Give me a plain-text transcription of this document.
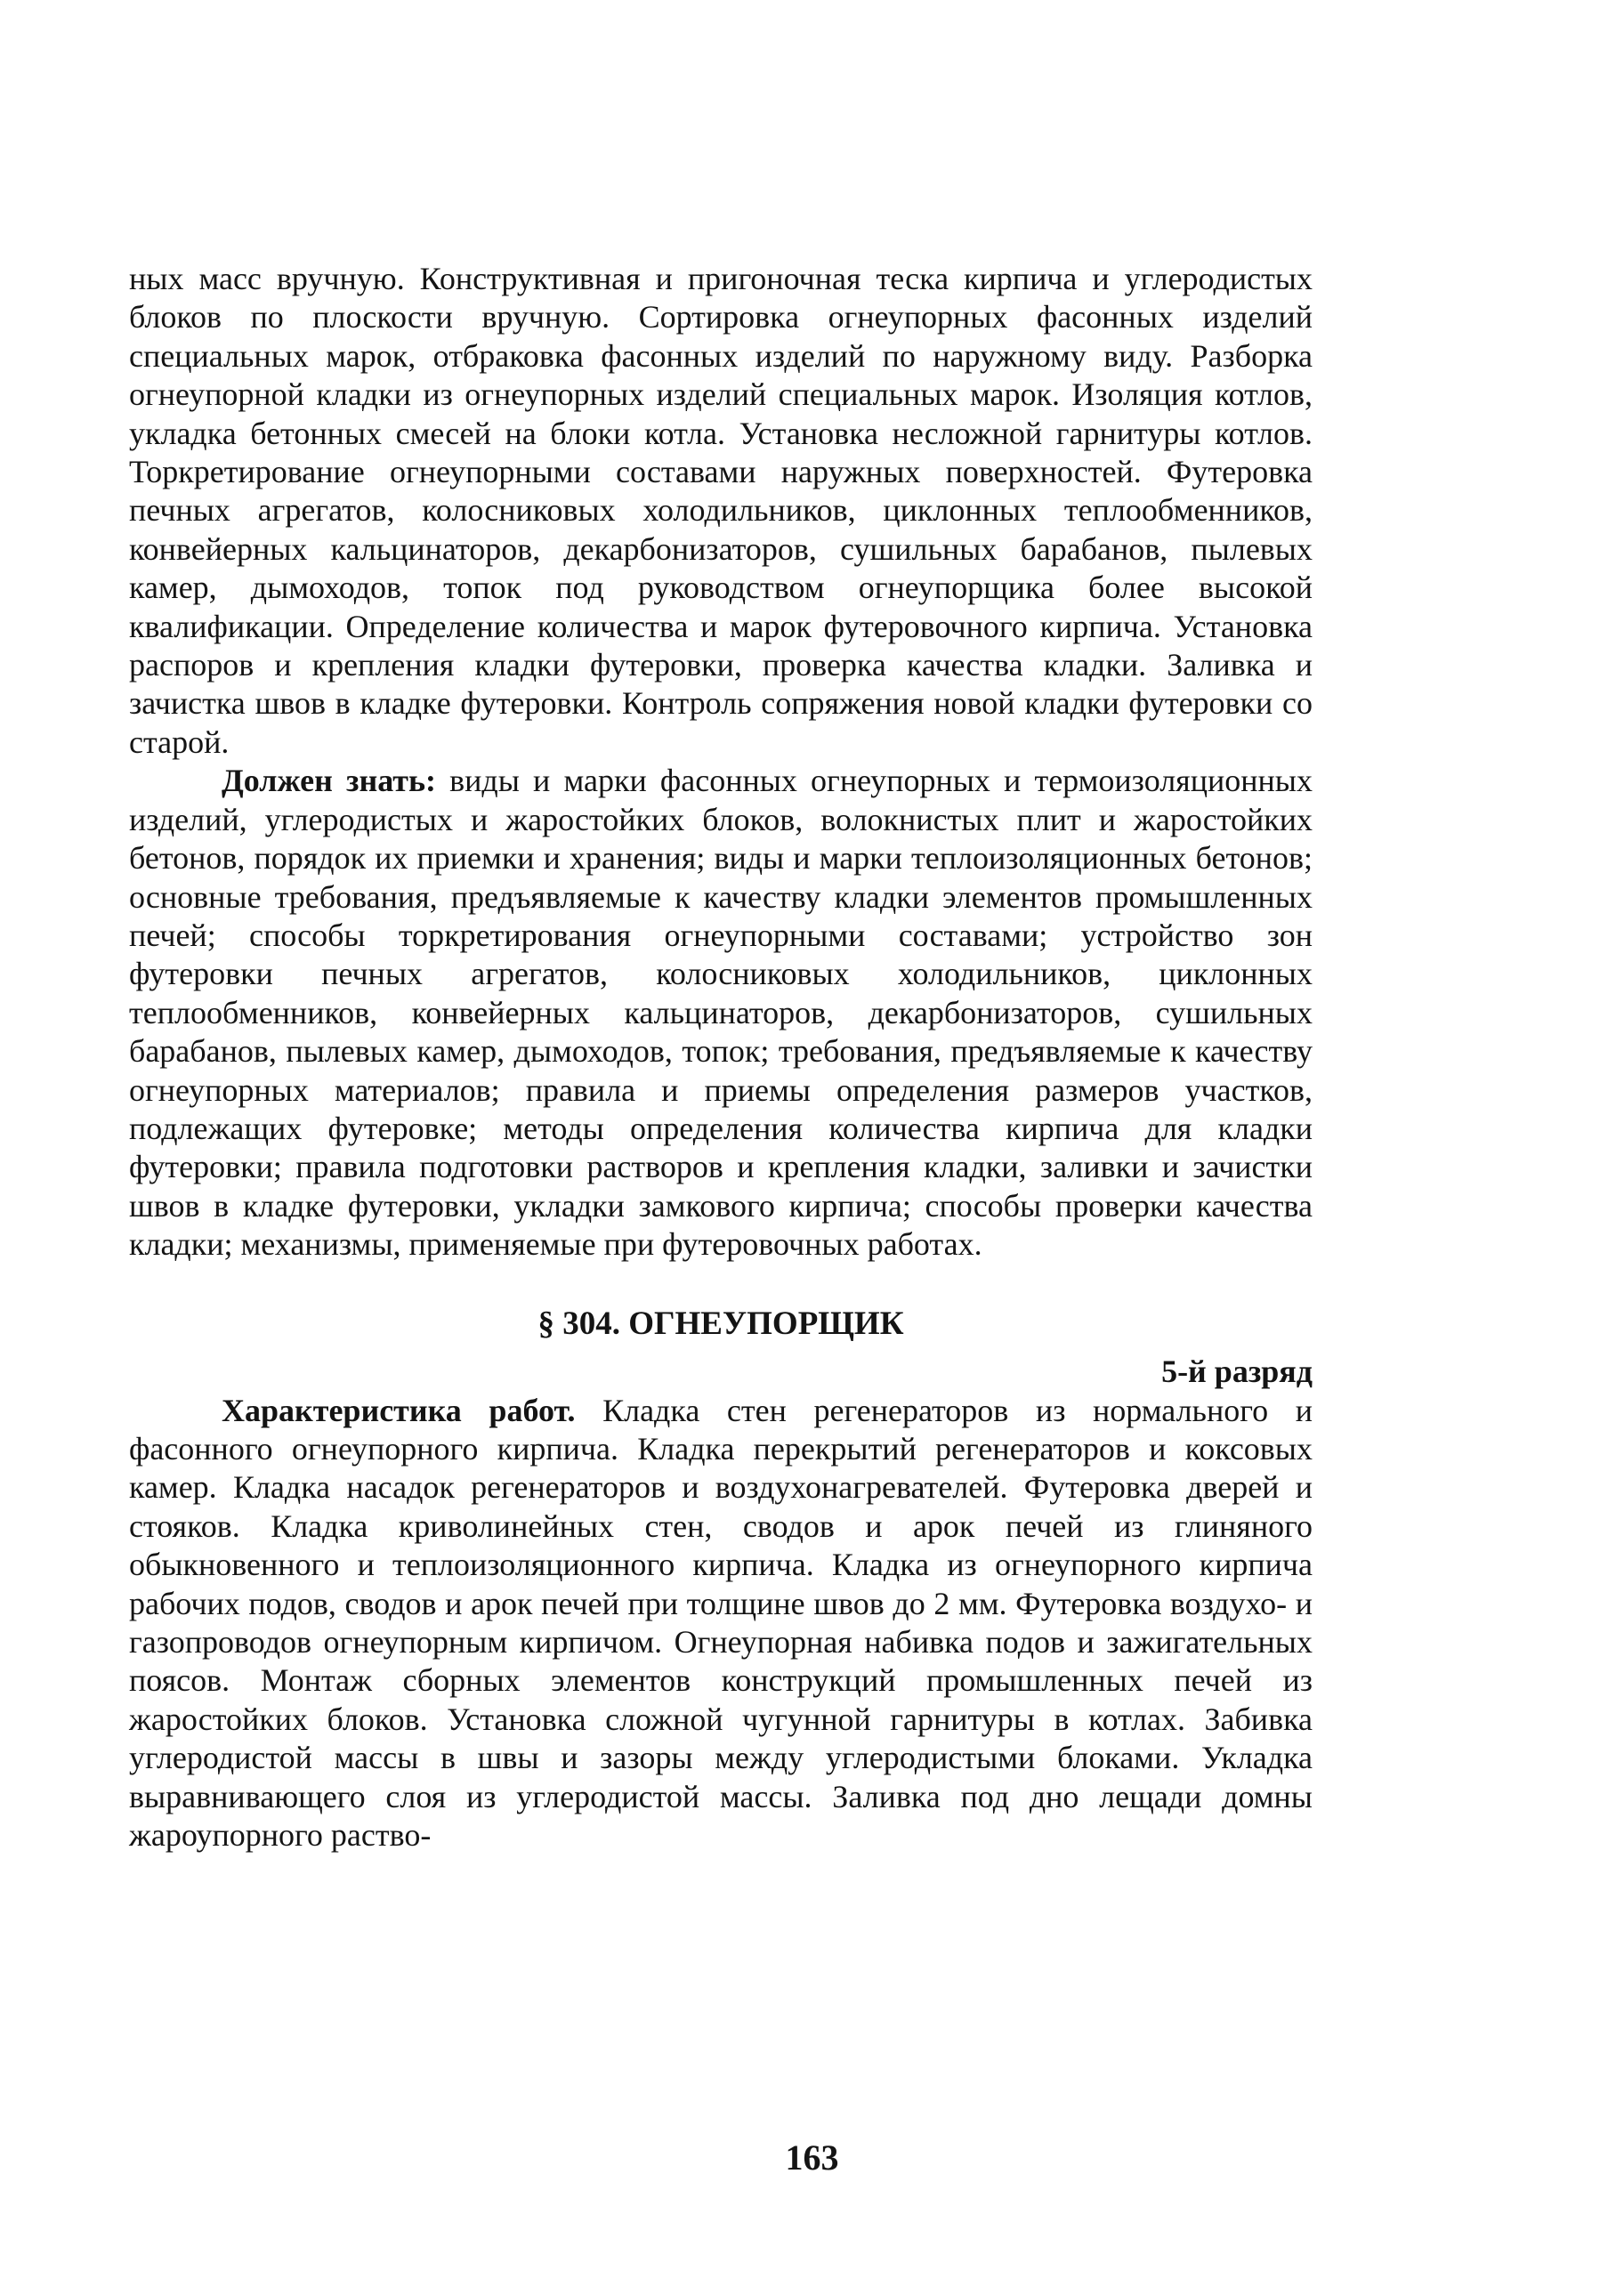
ных масс вручную. Конструктивная и пригоночная теска кирпича и углеродистых блоков по плоскости вручную. Сортировка огнеупорных фасонных изделий специальных марок, отбраковка фасонных изделий по наружному виду. Разборка огнеупорной кладки из огнеупорных изделий специальных марок. Изоляция котлов, укладка бетонных смесей на блоки котла. Установка несложной гарнитуры котлов. Торкретирование огнеупорными составами наружных поверхностей. Футеровка печных агрегатов, колосниковых холодильников, циклонных теплообменников, конвейерных кальцинаторов, декарбонизаторов, сушильных барабанов, пылевых камер, дымоходов, топок под руководством огнеупорщика более высокой квалификации. Определение количества и марок футеровочного кирпича. Установка распоров и крепления кладки футеровки, проверка качества кладки. Заливка и зачистка швов в кладке футеровки. Контроль сопряжения новой кладки футеровки со старой.

Должен знать: виды и марки фасонных огнеупорных и термоизоляционных изделий, углеродистых и жаростойких блоков, волокнистых плит и жаростойких бетонов, порядок их приемки и хранения; виды и марки теплоизоляционных бетонов; основные требования, предъявляемые к качеству кладки элементов промышленных печей; способы торкретирования огнеупорными составами; устройство зон футеровки печных агрегатов, колосниковых холодильников, циклонных теплообменников, конвейерных кальцинаторов, декарбонизаторов, сушильных барабанов, пылевых камер, дымоходов, топок; требования, предъявляемые к качеству огнеупорных материалов; правила и приемы определения размеров участков, подлежащих футеровке; методы определения количества кирпича для кладки футеровки; правила подготовки растворов и крепления кладки, заливки и зачистки швов в кладке футеровки, укладки замкового кирпича; способы проверки качества кладки; механизмы, применяемые при футеровочных работах.

§ 304. ОГНЕУПОРЩИК
5-й разряд

Характеристика работ. Кладка стен регенераторов из нормального и фасонного огнеупорного кирпича. Кладка перекрытий регенераторов и коксовых камер. Кладка насадок регенераторов и воздухонагревателей. Футеровка дверей и стояков. Кладка криволинейных стен, сводов и арок печей из глиняного обыкновенного и теплоизоляционного кирпича. Кладка из огнеупорного кирпича рабочих подов, сводов и арок печей при толщине швов до 2 мм. Футеровка воздухо- и газопроводов огнеупорным кирпичом. Огнеупорная набивка подов и зажигательных поясов. Монтаж сборных элементов конструкций промышленных печей из жаростойких блоков. Установка сложной чугунной гарнитуры в котлах. Забивка углеродистой массы в швы и зазоры между углеродистыми блоками. Укладка выравнивающего слоя из углеродистой массы. Заливка под дно лещади домны жароупорного раство-

163
